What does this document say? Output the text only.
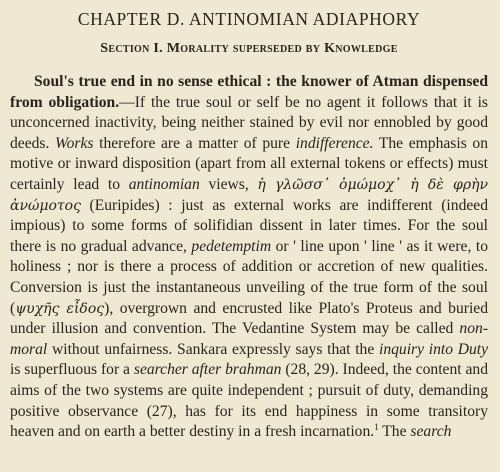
CHAPTER D. ANTINOMIAN ADIAPHORY
Section I. Morality superseded by Knowledge

Soul's true end in no sense ethical : the knower of Atman dispensed from obligation.—If the true soul or self be no agent it follows that it is unconcerned inactivity, being neither stained by evil nor ennobled by good deeds. Works therefore are a matter of pure indifference. The emphasis on motive or inward disposition (apart from all external tokens or effects) must certainly lead to antinomian views, ἡ γλῶσσ᾽ ὀμώμοχ᾽ ἡ δὲ φρὴν ἀνώμοτος (Euripides) : just as external works are indifferent (indeed impious) to some forms of solifidian dissent in later times. For the soul there is no gradual advance, pedetemptim or ' line upon ' line ' as it were, to holiness ; nor is there a process of addition or accretion of new qualities. Conversion is just the instantaneous unveiling of the true form of the soul (ψυχῆς εἶδος), overgrown and encrusted like Plato's Proteus and buried under illusion and convention. The Vedantine System may be called non-moral without unfairness. Sankara expressly says that the inquiry into Duty is superfluous for a searcher after brahman (28, 29). Indeed, the content and aims of the two systems are quite independent ; pursuit of duty, demanding positive observance (27), has for its end happiness in some transitory heaven and on earth a better destiny in a fresh incarnation.$^1$ The search
